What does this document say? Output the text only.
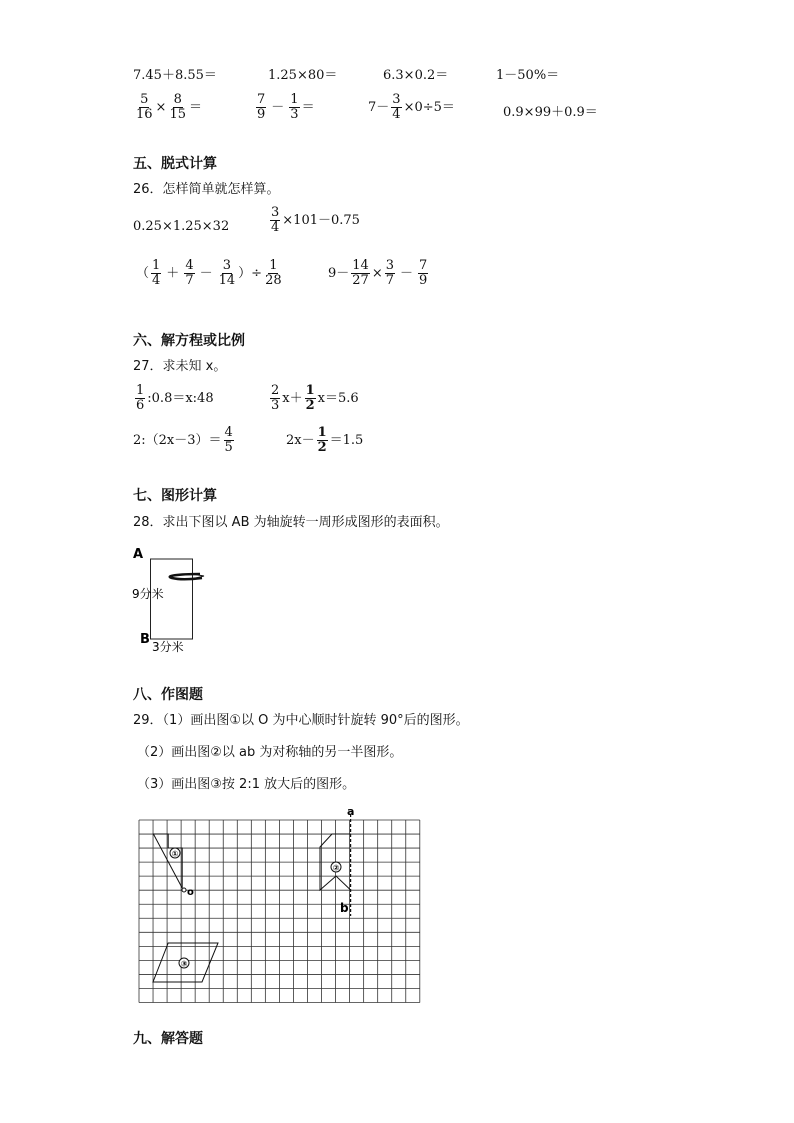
7.45＋8.55＝	1.25×80＝	6.3×0.2＝	1－50%＝
$\frac{5}{16} \times \frac{8}{15}$ ＝	$\frac{7}{9} - \frac{1}{3}$ ＝	$7- \frac{3}{4} \times 0\div 5=$	0.9×99＋0.9＝
五、脱式计算
26．怎样简单就怎样算。
0.25×1.25×32	$\frac{3}{4} \times 101-0.75$
（ $\frac{1}{4} + \frac{4}{7} - \frac{3}{14}$ ）÷ $\frac{1}{28}$	$9- \frac{14}{27} \times \frac{3}{7} - \frac{7}{9}$
六、解方程或比例
27．求未知 x。
$\frac{1}{6}$ :0.8＝x:48	$\frac{2}{3} x+ \frac{1}{2} x=5.6$
2:（2x－3）＝ $\frac{4}{5}$	$2x- \frac{1}{2} =1.5$
七、图形计算
28．求出下图以 AB 为轴旋转一周形成图形的表面积。
A
B
9分米
3分米
八、作图题
29．（1）画出图①以 O 为中心顺时针旋转 90°后的图形。
（2）画出图②以 ab 为对称轴的另一半图形。
（3）画出图③按 2:1 放大后的图形。
a
b
o
①
②
③
九、解答题
